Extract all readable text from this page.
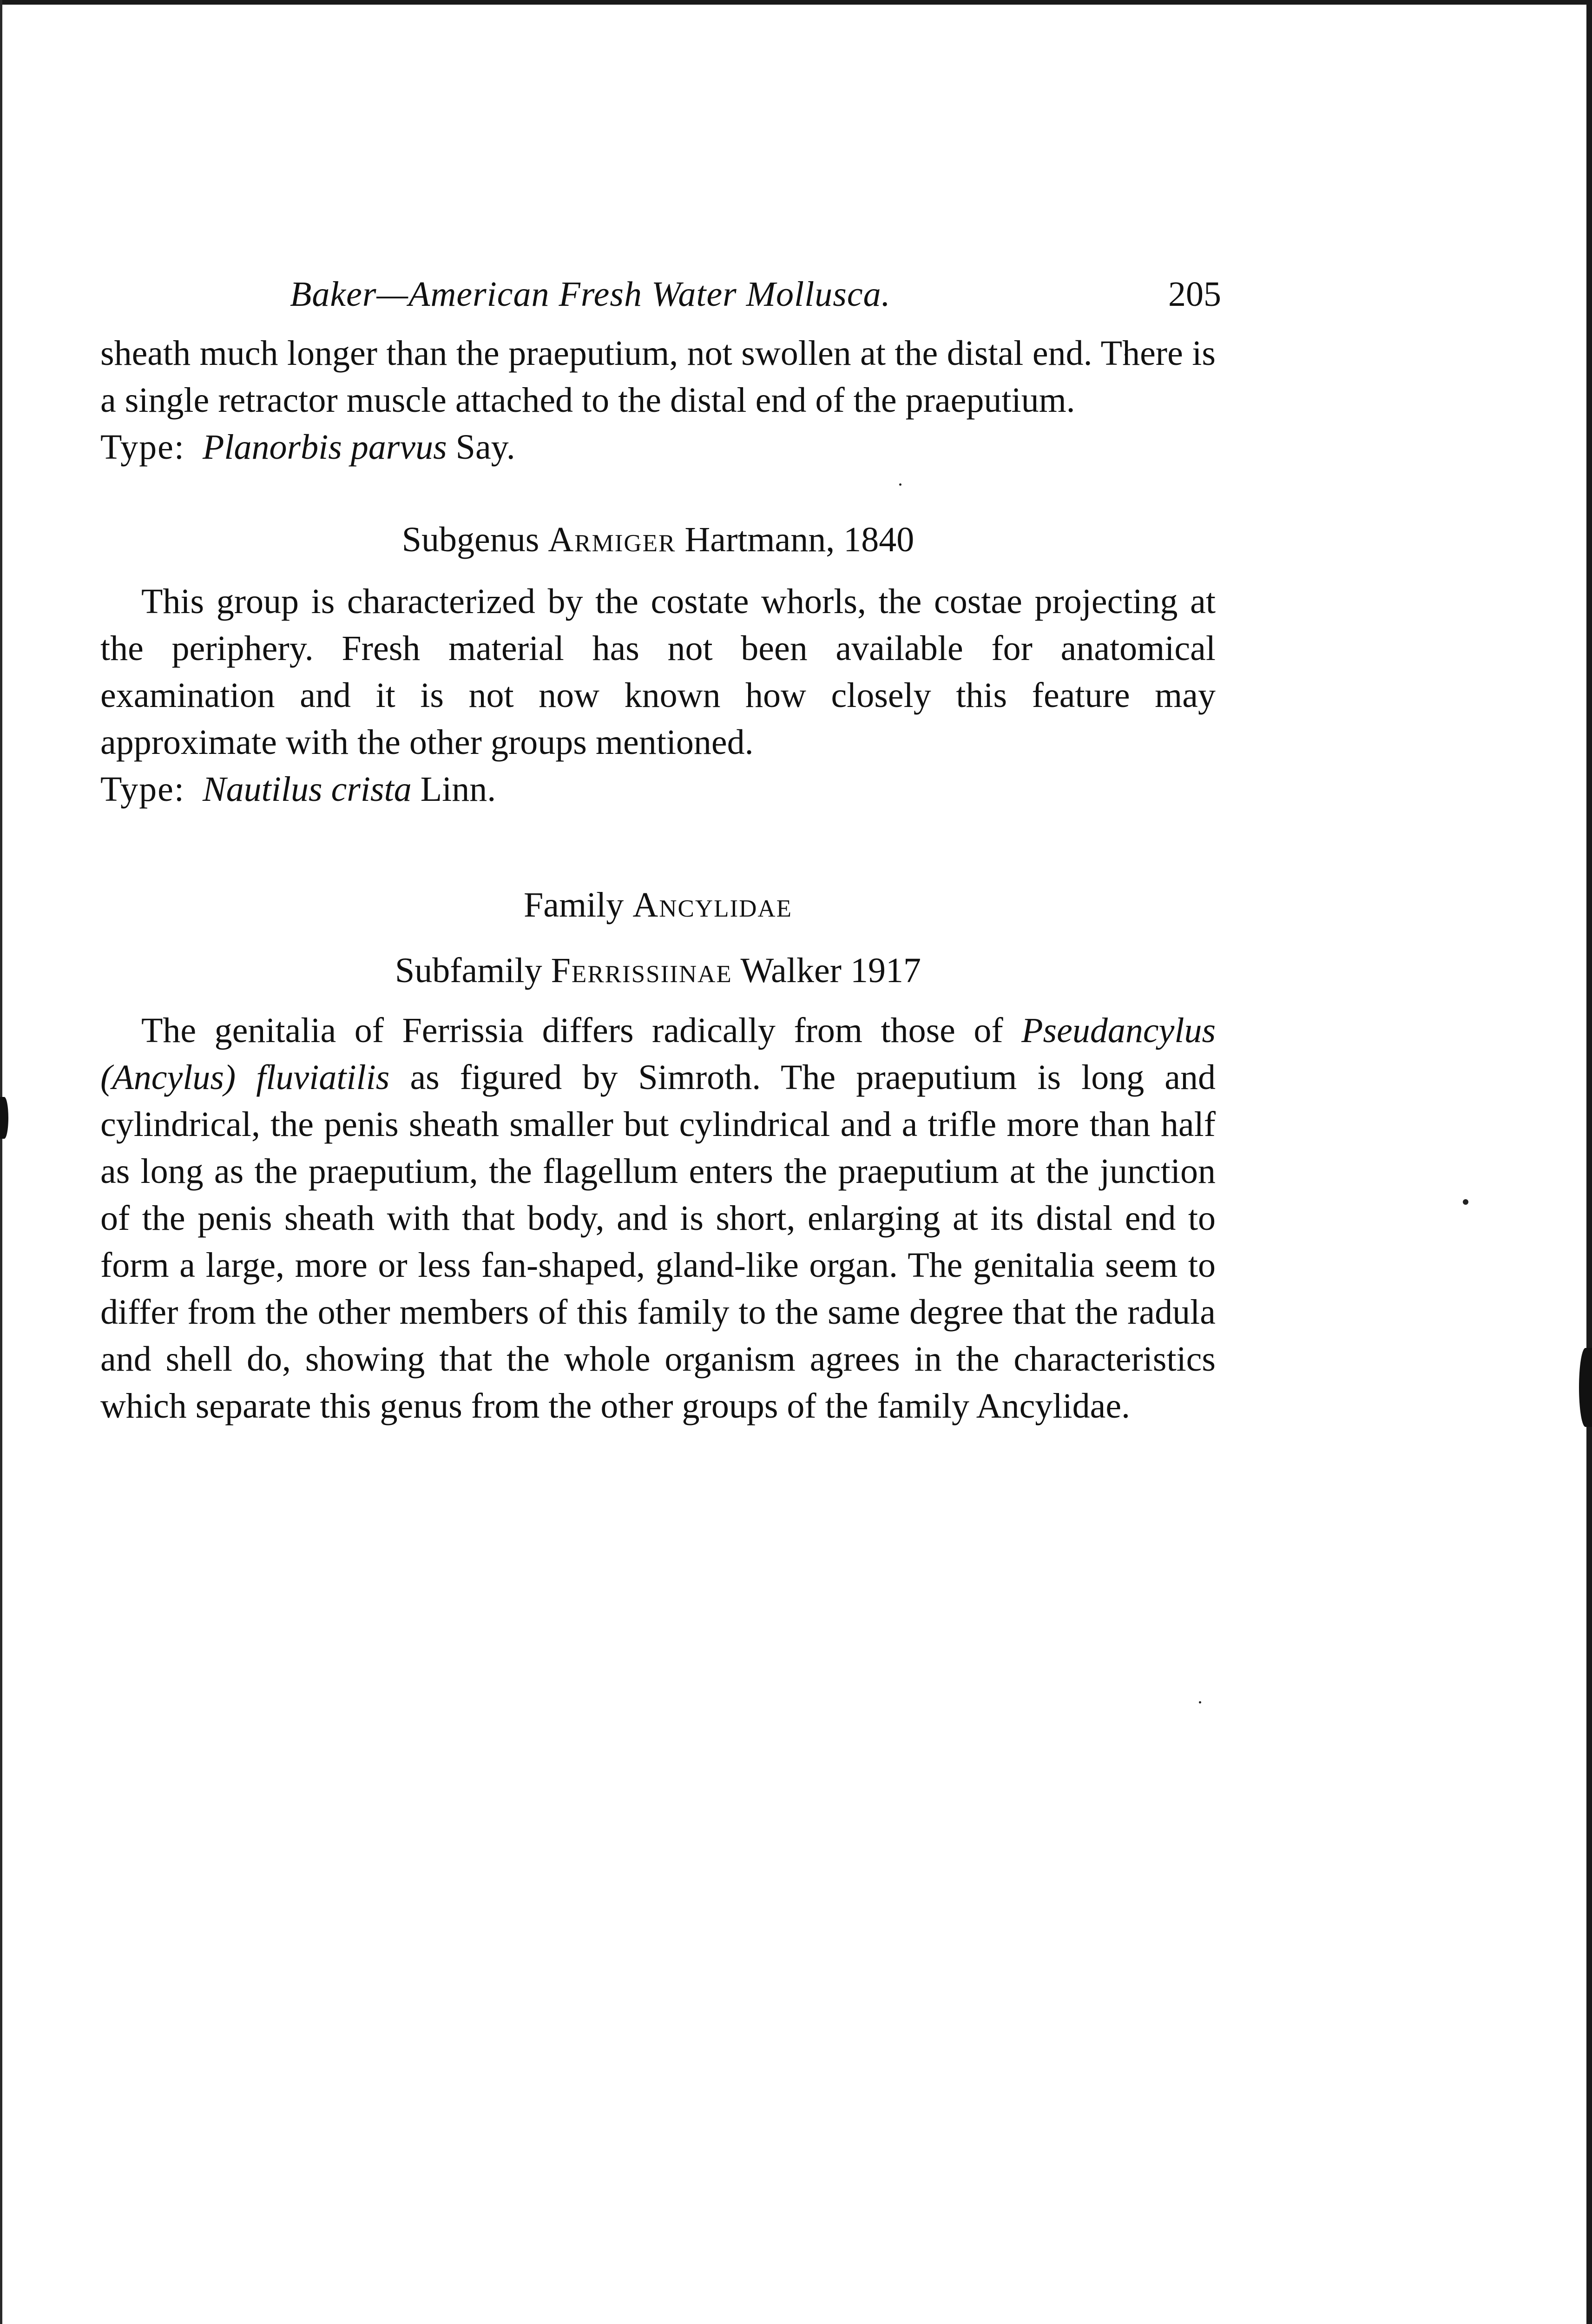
Baker—American Fresh Water Mollusca.	205

sheath much longer than the praeputium, not swollen at the distal end. There is a single retractor muscle attached to the distal end of the praeputium.

Type: Planorbis parvus Say.
Subgenus Armiger Hartmann, 1840

This group is characterized by the costate whorls, the costae projecting at the periphery. Fresh material has not been available for anatomical examination and it is not now known how closely this feature may approximate with the other groups mentioned.

Type: Nautilus crista Linn.
Family Ancylidae
Subfamily Ferrissiinae Walker 1917

The genitalia of Ferrissia differs radically from those of Pseudancylus (Ancylus) fluviatilis as figured by Simroth. The praeputium is long and cylindrical, the penis sheath smaller but cylindrical and a trifle more than half as long as the praeputium, the flagellum enters the praeputium at the junction of the penis sheath with that body, and is short, enlarging at its distal end to form a large, more or less fan-shaped, gland-like organ. The genitalia seem to differ from the other members of this family to the same degree that the radula and shell do, showing that the whole organism agrees in the characteristics which separate this genus from the other groups of the family Ancylidae.
